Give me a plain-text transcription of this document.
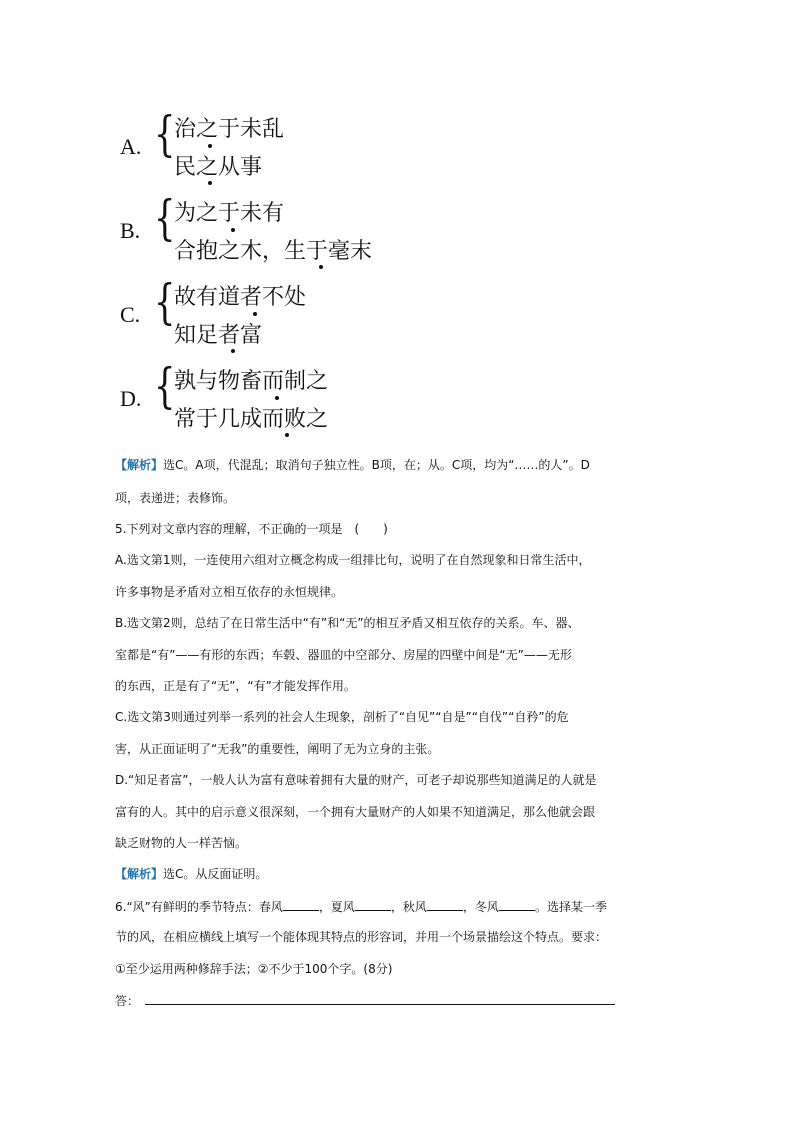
A. {
治之于未乱
民之从事
B. {
为之于未有
合抱之木，生于毫末
C. {
故有道者不处
知足者富
D. {
孰与物畜而制之
常于几成而败之
【解析】选C。A项，代混乱；取消句子独立性。B项，在；从。C项，均为“……的人”。D
项，表递进；表修饰。
5.下列对文章内容的理解，不正确的一项是　(　　)
A.选文第1则，一连使用六组对立概念构成一组排比句，说明了在自然现象和日常生活中，
许多事物是矛盾对立相互依存的永恒规律。
B.选文第2则，总结了在日常生活中“有”和“无”的相互矛盾又相互依存的关系。车、器、
室都是“有”——有形的东西；车毂、器皿的中空部分、房屋的四壁中间是“无”——无形
的东西，正是有了“无”，“有”才能发挥作用。
C.选文第3则通过列举一系列的社会人生现象，剖析了“自见”“自是”“自伐”“自矜”的危
害，从正面证明了“无我”的重要性，阐明了无为立身的主张。
D.“知足者富”，一般人认为富有意味着拥有大量的财产，可老子却说那些知道满足的人就是
富有的人。其中的启示意义很深刻，一个拥有大量财产的人如果不知道满足，那么他就会跟
缺乏财物的人一样苦恼。
【解析】选C。从反面证明。
6.“风”有鲜明的季节特点：春风	，夏风	，秋风	，冬风	。选择某一季
节的风，在相应横线上填写一个能体现其特点的形容词，并用一个场景描绘这个特点。要求：
①至少运用两种修辞手法；②不少于100个字。(8分)
答：
